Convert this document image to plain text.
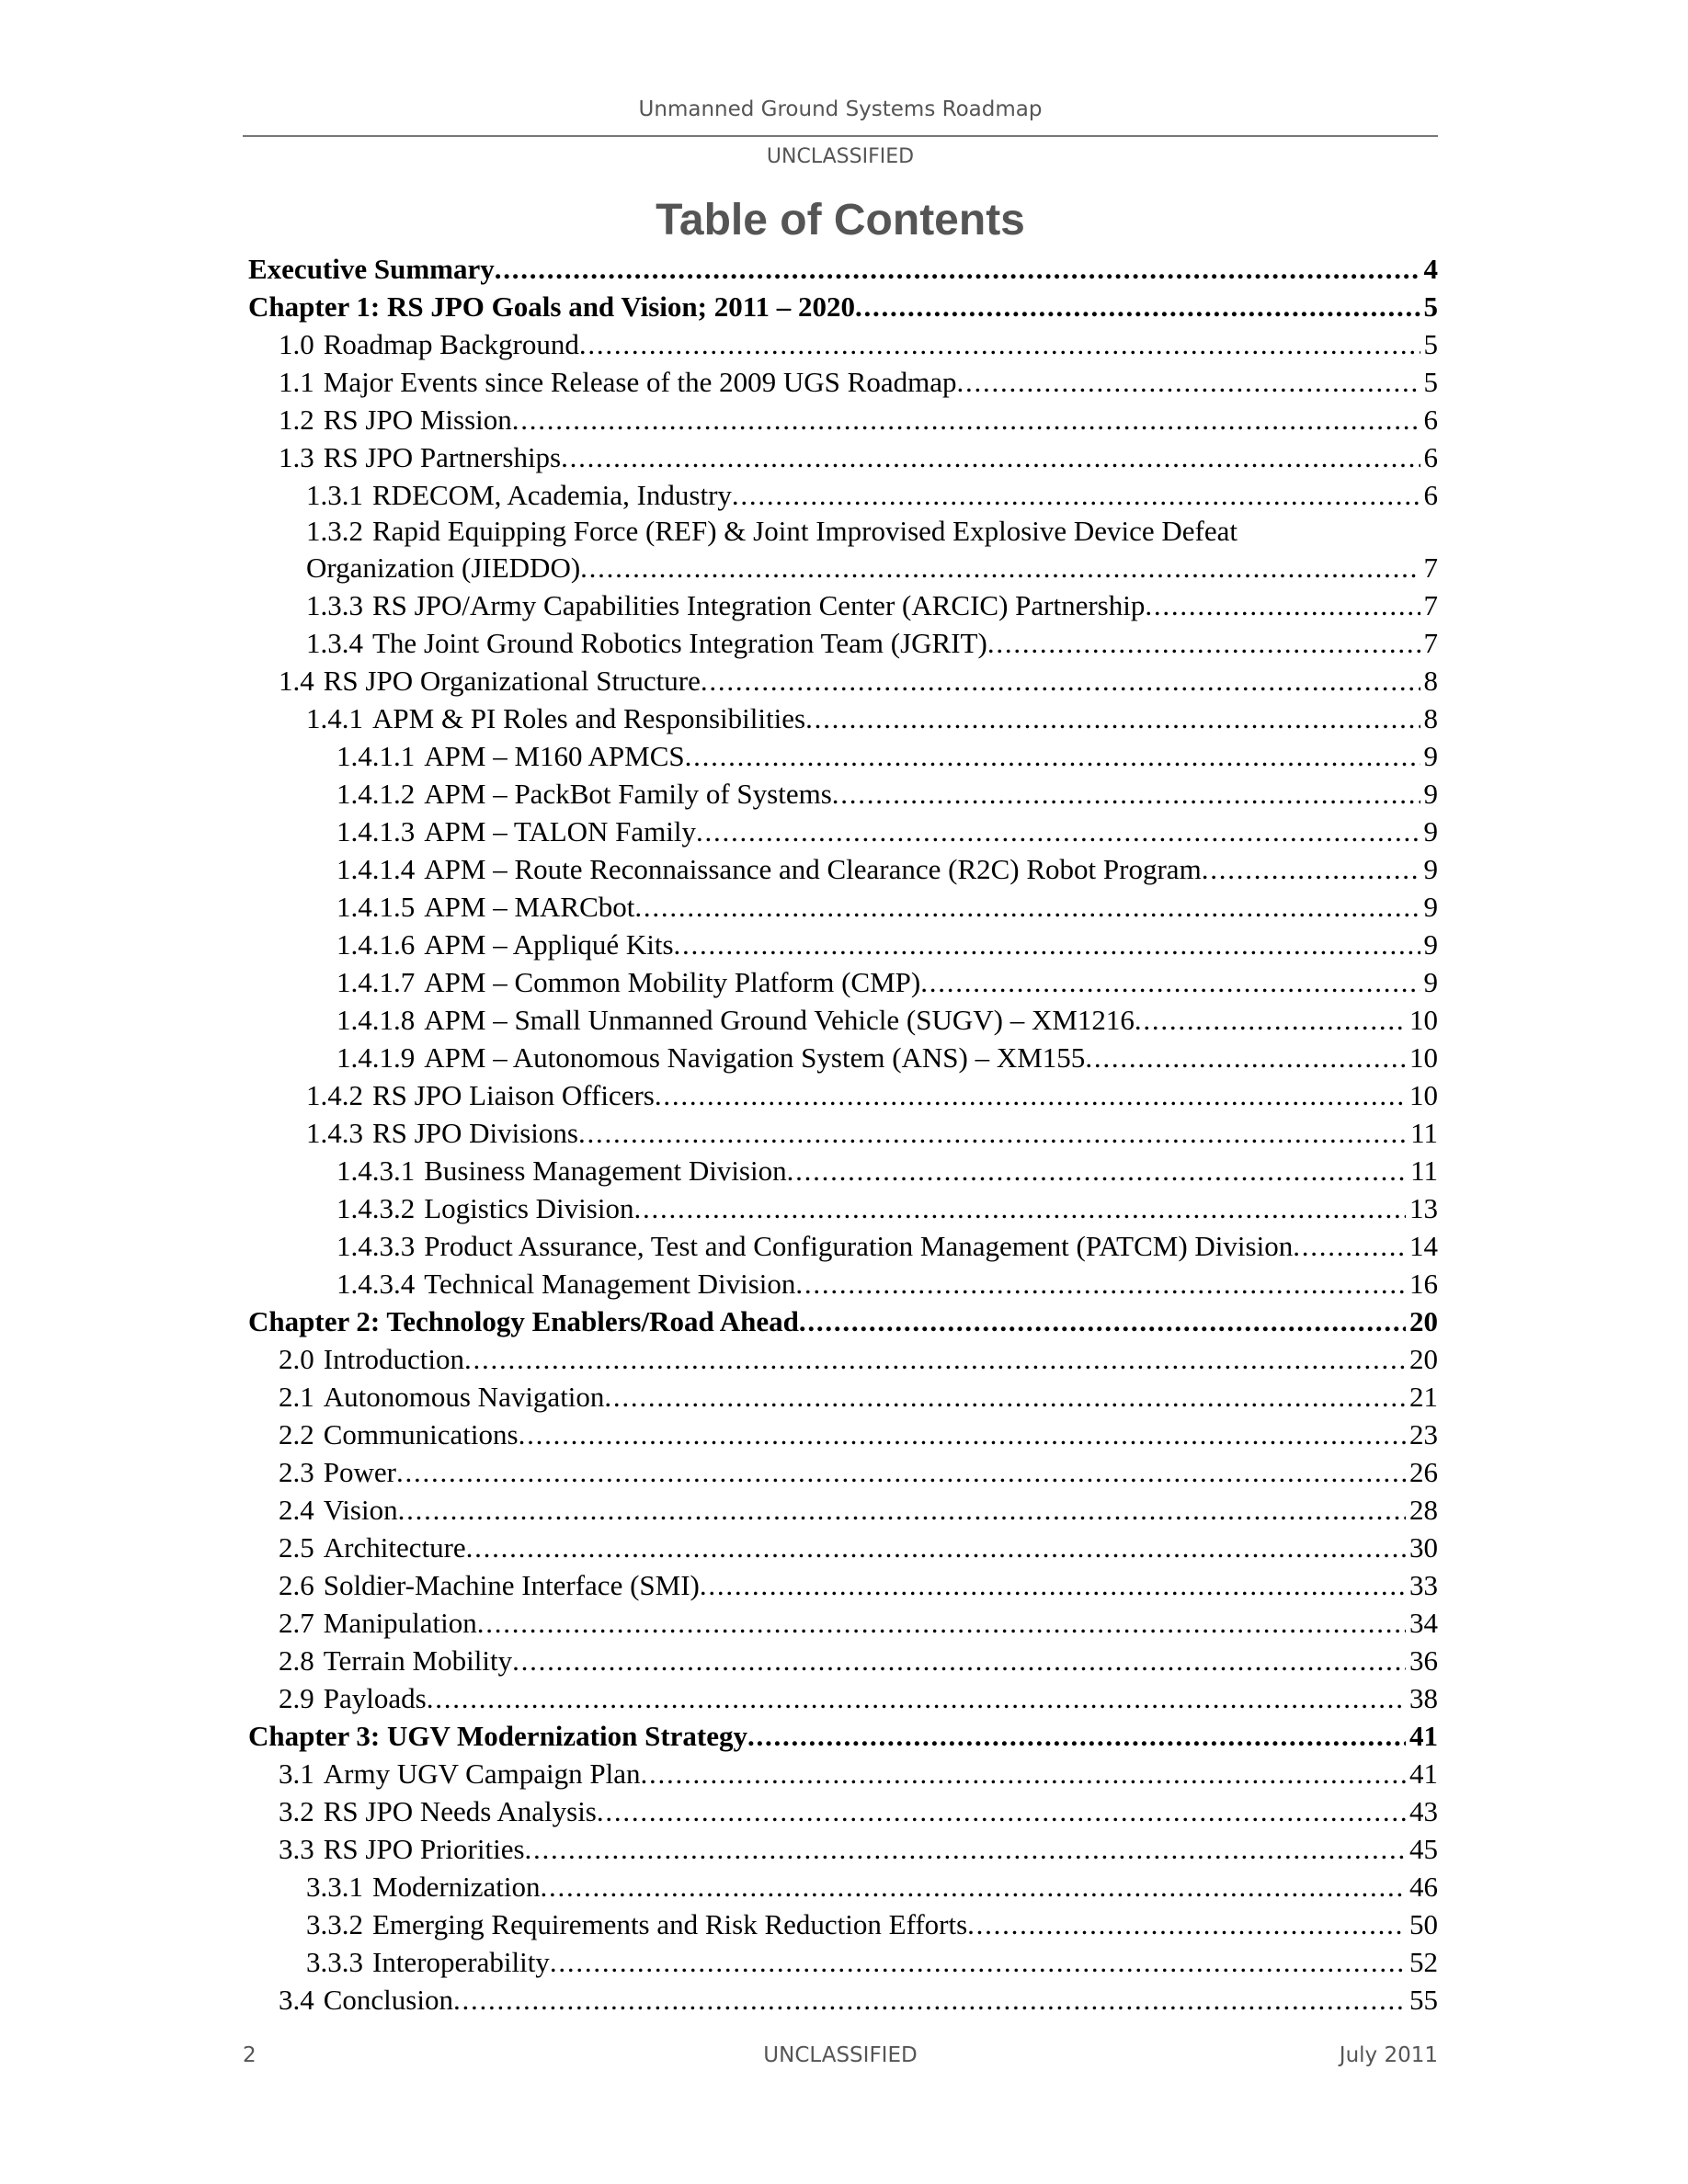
Unmanned Ground Systems Roadmap
UNCLASSIFIED
Table of Contents
Executive Summary . . .	4
Chapter 1: RS JPO Goals and Vision; 2011 – 2020 . . .	5
1.0 Roadmap Background . . .	5
1.1 Major Events since Release of the 2009 UGS Roadmap . . .	5
1.2 RS JPO Mission . . .	6
1.3 RS JPO Partnerships . . .	6
1.3.1 RDECOM, Academia, Industry . . .	6
1.3.2 Rapid Equipping Force (REF) & Joint Improvised Explosive Device Defeat
Organization (JIEDDO) . . .	7
1.3.3 RS JPO/Army Capabilities Integration Center (ARCIC) Partnership . . .	7
1.3.4 The Joint Ground Robotics Integration Team (JGRIT) . . .	7
1.4 RS JPO Organizational Structure . . .	8
1.4.1 APM & PI Roles and Responsibilities . . .	8
1.4.1.1 APM – M160 APMCS . . .	9
1.4.1.2 APM – PackBot Family of Systems . . .	9
1.4.1.3 APM – TALON Family . . .	9
1.4.1.4 APM – Route Reconnaissance and Clearance (R2C) Robot Program . . .	9
1.4.1.5 APM – MARCbot . . .	9
1.4.1.6 APM – Appliqué Kits . . .	9
1.4.1.7 APM – Common Mobility Platform (CMP) . . .	9
1.4.1.8 APM – Small Unmanned Ground Vehicle (SUGV) – XM1216 . . .	10
1.4.1.9 APM – Autonomous Navigation System (ANS) – XM155 . . .	10
1.4.2 RS JPO Liaison Officers . . .	10
1.4.3 RS JPO Divisions . . .	11
1.4.3.1 Business Management Division . . .	11
1.4.3.2 Logistics Division . . .	13
1.4.3.3 Product Assurance, Test and Configuration Management (PATCM) Division . . .	14
1.4.3.4 Technical Management Division . . .	16
Chapter 2: Technology Enablers/Road Ahead . . .	20
2.0 Introduction . . .	20
2.1 Autonomous Navigation . . .	21
2.2 Communications . . .	23
2.3 Power . . .	26
2.4 Vision . . .	28
2.5 Architecture . . .	30
2.6 Soldier-Machine Interface (SMI) . . .	33
2.7 Manipulation . . .	34
2.8 Terrain Mobility . . .	36
2.9 Payloads . . .	38
Chapter 3: UGV Modernization Strategy . . .	41
3.1 Army UGV Campaign Plan . . .	41
3.2 RS JPO Needs Analysis . . .	43
3.3 RS JPO Priorities . . .	45
3.3.1 Modernization . . .	46
3.3.2 Emerging Requirements and Risk Reduction Efforts . . .	50
3.3.3 Interoperability . . .	52
3.4 Conclusion . . .	55
2	UNCLASSIFIED	July 2011
